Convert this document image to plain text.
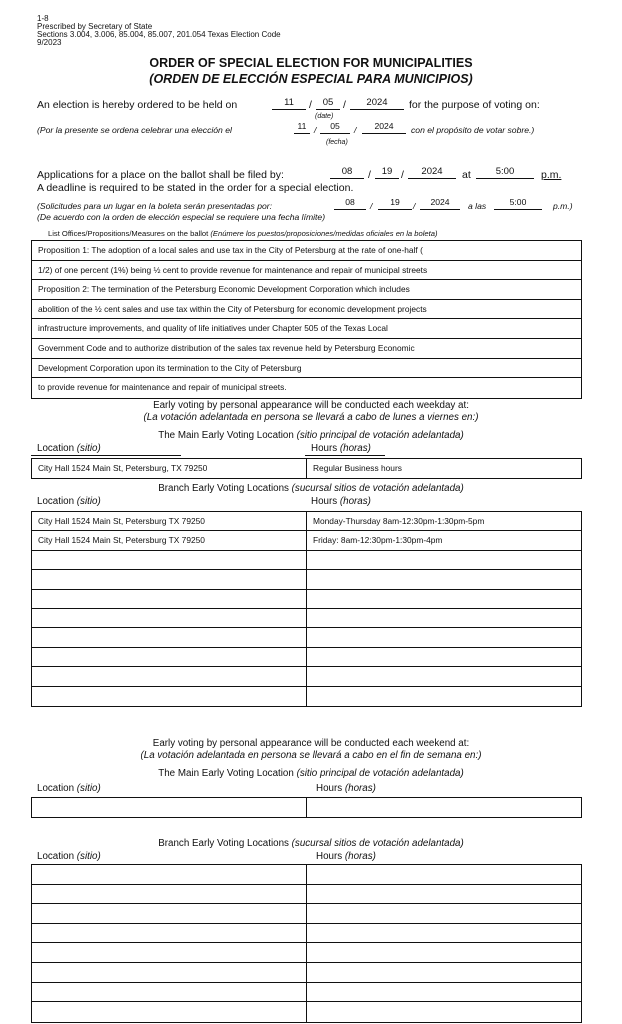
1-8
Prescribed by Secretary of State
Sections 3.004, 3.006, 85.004, 85.007, 201.054 Texas Election Code
9/2023
ORDER OF SPECIAL ELECTION FOR MUNICIPALITIES
(ORDEN DE ELECCIÓN ESPECIAL PARA MUNICIPIOS)
An election is hereby ordered to be held on	11	/	05 /	2024	for the purpose of voting on:
(date)
(Por la presente se ordena celebrar una elección el	11 /	05	/	2024	con el propósito de votar sobre.)
(fecha)
Applications for a place on the ballot shall be filed by:	08	/	19 /	2024	at	5:00	p.m.
A deadline is required to be stated in the order for a special election.
(Solicitudes para un lugar en la boleta serán presentadas por:	08	/	19	/	2024	a las	5:00	p.m.)
(De acuerdo con la orden de elección especial se requiere una fecha límite)
List Offices/Propositions/Measures on the ballot (Enúmere los puestos/proposiciones/medidas oficiales en la boleta)
Proposition 1: The adoption of a local sales and use tax in the City of Petersburg at the rate of one-half (
1/2) of one percent (1%) being ½ cent to provide revenue for maintenance and repair of municipal streets
Proposition 2: The termination of the Petersburg Economic Development Corporation which includes
abolition of the ½ cent sales and use tax within the City of Petersburg for economic development projects
infrastructure improvements, and quality of life initiatives under Chapter 505 of the Texas Local
Government Code and to authorize distribution of the sales tax revenue held by Petersburg Economic
Development Corporation upon its termination to the City of Petersburg
to provide revenue for maintenance and repair of municipal streets.
Early voting by personal appearance will be conducted each weekday at:
(La votación adelantada en persona se llevará a cabo de lunes a viernes en:)
The Main Early Voting Location (sitio principal de votación adelantada)
Location (sitio)	Hours (horas)
City Hall 1524 Main St, Petersburg, TX 79250	Regular Business hours
Branch Early Voting Locations (sucursal sitios de votación adelantada)
Location (sitio)	Hours (horas)
City Hall 1524 Main St, Petersburg TX 79250	Monday-Thursday 8am-12:30pm-1:30pm-5pm
City Hall 1524 Main St, Petersburg TX 79250	Friday: 8am-12:30pm-1:30pm-4pm
Early voting by personal appearance will be conducted each weekend at:
(La votación adelantada en persona se llevará a cabo en el fin de semana en:)
The Main Early Voting Location (sitio principal de votación adelantada)
Location (sitio)	Hours (horas)
Branch Early Voting Locations (sucursal sitios de votación adelantada)
Location (sitio)	Hours (horas)
